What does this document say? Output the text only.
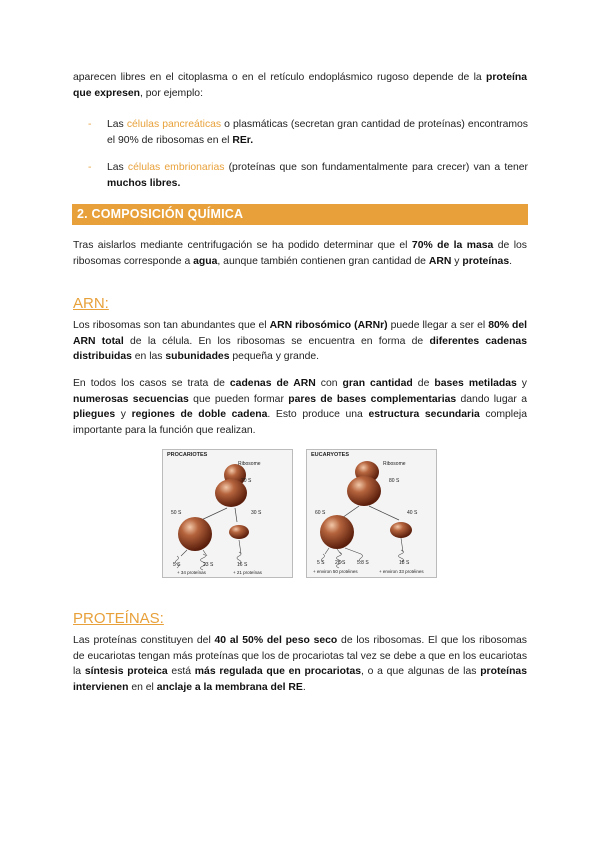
aparecen libres en el citoplasma o en el retículo endoplásmico rugoso depende de la proteína que expresen, por ejemplo:

- Las células pancreáticas o plasmáticas (secretan gran cantidad de proteínas) encontramos el 90% de ribosomas en el REr.
- Las células embrionarias (proteínas que son fundamentalmente para crecer) van a tener muchos libres.
2. COMPOSICIÓN QUÍMICA

Tras aislarlos mediante centrifugación se ha podido determinar que el 70% de la masa de los ribosomas corresponde a agua, aunque también contienen gran cantidad de ARN y proteínas.

ARN:

Los ribosomas son tan abundantes que el ARN ribosómico (ARNr) puede llegar a ser el 80% del ARN total de la célula. En los ribosomas se encuentra en forma de diferentes cadenas distribuidas en las subunidades pequeña y grande.

En todos los casos se trata de cadenas de ARN con gran cantidad de bases metiladas y numerosas secuencias que pueden formar pares de bases complementarias dando lugar a pliegues y regiones de doble cadena. Esto produce una estructura secundaria compleja importante para la función que realizan.

PROCARIOTES
Ribosome
70 S
50 S	30 S
5 S	23 S	16 S
+ 34 proteínas	+ 21 proteínas
EUCARYOTES
Ribosome
80 S
60 S	40 S
5 S 28 S 5.8 S	18 S
+ environ 50 protéines	+ environ 33 protéines
PROTEÍNAS:

Las proteínas constituyen del 40 al 50% del peso seco de los ribosomas. El que los ribosomas de eucariotas tengan más proteínas que los de procariotas tal vez se debe a que en los eucariotas la síntesis proteica está más regulada que en procariotas, o a que algunas de las proteínas intervienen en el anclaje a la membrana del RE.
